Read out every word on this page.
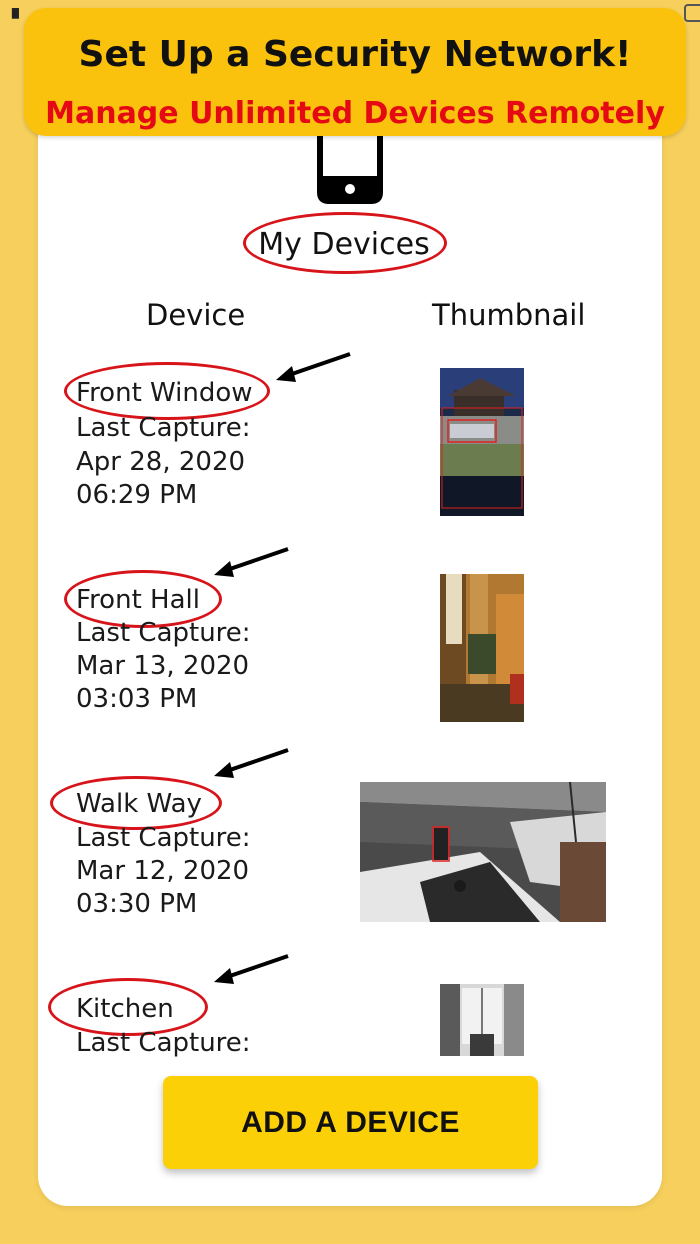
▘
Set Up a Security Network!
Manage Unlimited Devices Remotely
My Devices
Device	Thumbnail
Front Window
Last Capture:
Apr 28, 2020
06:29 PM
Front Hall
Last Capture:
Mar 13, 2020
03:03 PM
Walk Way
Last Capture:
Mar 12, 2020
03:30 PM
Kitchen
Last Capture:
ADD A DEVICE
